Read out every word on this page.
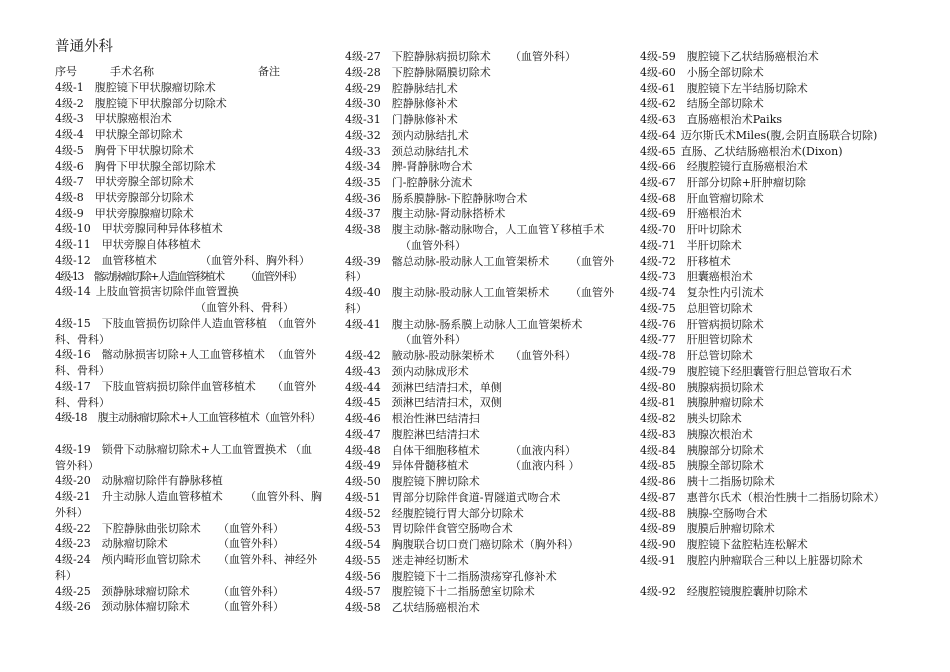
普通外科
序号	手术名称	备注
4级-1 腹腔镜下甲状腺瘤切除术
4级-2 腹腔镜下甲状腺部分切除术
4级-3 甲状腺癌根治术
4级-4 甲状腺全部切除术
4级-5 胸骨下甲状腺切除术
4级-6 胸骨下甲状腺全部切除术
4级-7 甲状旁腺全部切除术
4级-8 甲状旁腺部分切除术
4级-9 甲状旁腺腺瘤切除术
4级-10 甲状旁腺同种异体移植术
4级-11 甲状旁腺自体移植术
4级-12 血管移植术	（血管外科、胸外科）
4级-13 髂动脉瘤切除+人造血管移植术 （血管外科）
4级-14 上肢血管损害切除伴血管置换
（血管外科、骨科）
4级-15 下肢血管损伤切除伴人造血管移植 （血管外
科、骨科）
4级-16 髂动脉损害切除+人工血管移植术 （血管外
科、骨科）
4级-17 下肢血管病损切除伴血管移植术 （血管外
科、骨科）
4级-18 腹主动脉瘤切除术+人工血管移植术（血管外科）
4级-19 锁骨下动脉瘤切除术+人工血管置换术 （血
管外科）
4级-20 动脉瘤切除伴有静脉移植
4级-21 升主动脉人造血管移植术 （血管外科、胸
外科）
4级-22 下腔静脉曲张切除术 （血管外科）
4级-23 动脉瘤切除术	（血管外科）
4级-24 颅内畸形血管切除术 （血管外科、神经外
科）
4级-25 颈静脉球瘤切除术	（血管外科）
4级-26 颈动脉体瘤切除术	（血管外科）
4级-27 下腔静脉病损切除术 （血管外科）
4级-28 下腔静脉隔膜切除术
4级-29 腔静脉结扎术
4级-30 腔静脉修补术
4级-31 门静脉修补术
4级-32 颈内动脉结扎术
4级-33 颈总动脉结扎术
4级-34 脾-肾静脉吻合术
4级-35 门-腔静脉分流术
4级-36 肠系膜静脉-下腔静脉吻合术
4级-37 腹主动脉-肾动脉搭桥术
4级-38 腹主动脉-髂动脉吻合，人工血管Ｙ移植手术
（血管外科）
4级-39 髂总动脉-股动脉人工血管架桥术 （血管外
科）
4级-40 腹主动脉-股动脉人工血管架桥术 （血管外
科）
4级-41 腹主动脉-肠系膜上动脉人工血管架桥术
（血管外科）
4级-42 腋动脉-股动脉架桥术 （血管外科）
4级-43 颈内动脉成形术
4级-44 颈淋巴结清扫术，单侧
4级-45 颈淋巴结清扫术，双侧
4级-46 根治性淋巴结清扫
4级-47 腹腔淋巴结清扫术
4级-48 自体干细胞移植术	（血液内科）
4级-49 异体骨髓移植术	（血液内科 ）
4级-50 腹腔镜下脾切除术
4级-51 胃部分切除伴食道-胃隧道式吻合术
4级-52 经腹腔镜行胃大部分切除术
4级-53 胃切除伴食管空肠吻合术
4级-54 胸腹联合切口贲门癌切除术（胸外科）
4级-55 迷走神经切断术
4级-56 腹腔镜下十二指肠溃疡穿孔修补术
4级-57 腹腔镜下十二指肠憩室切除术
4级-58 乙状结肠癌根治术
4级-59 腹腔镜下乙状结肠癌根治术
4级-60 小肠全部切除术
4级-61 腹腔镜下左半结肠切除术
4级-62 结肠全部切除术
4级-63 直肠癌根治术Paiks
4级-64 迈尔斯氏术Miles(腹,会阴直肠联合切除)
4级-65 直肠、乙状结肠癌根治术(Dixon)
4级-66 经腹腔镜行直肠癌根治术
4级-67 肝部分切除+肝肿瘤切除
4级-68 肝血管瘤切除术
4级-69 肝癌根治术
4级-70 肝叶切除术
4级-71 半肝切除术
4级-72 肝移植术
4级-73 胆囊癌根治术
4级-74 复杂性内引流术
4级-75 总胆管切除术
4级-76 肝管病损切除术
4级-77 肝胆管切除术
4级-78 肝总管切除术
4级-79 腹腔镜下经胆囊管行胆总管取石术
4级-80 胰腺病损切除术
4级-81 胰腺肿瘤切除术
4级-82 胰头切除术
4级-83 胰腺次根治术
4级-84 胰腺部分切除术
4级-85 胰腺全部切除术
4级-86 胰十二指肠切除术
4级-87 惠普尔氏术（根治性胰十二指肠切除术）
4级-88 胰腺-空肠吻合术
4级-89 腹膜后肿瘤切除术
4级-90 腹腔镜下盆腔粘连松解术
4级-91 腹腔内肿瘤联合三种以上脏器切除术
4级-92 经腹腔镜腹腔囊肿切除术
